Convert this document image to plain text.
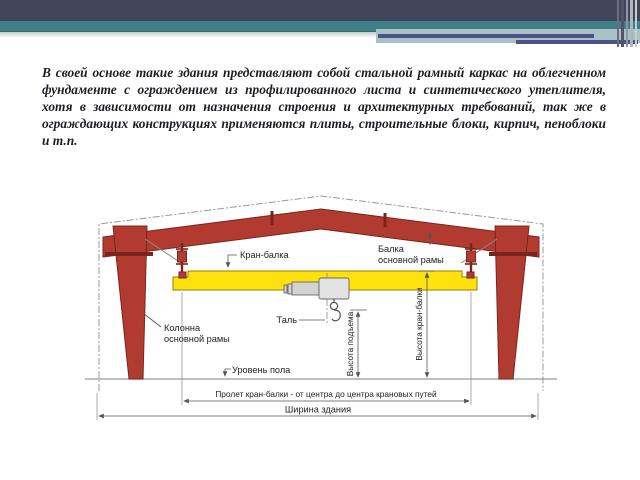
В своей основе такие здания представляют собой стальной рамный каркас на облегченном фундаменте с ограждением из профилированного листа и синтетического утеплителя, хотя в зависимости от назначения строения и архитектурных требований, так же в ограждающих конструкциях применяются плиты, строительные блоки, кирпич, пеноблоки и т.п.

Кран-балка
Балка
основной рамы
Таль
Колонна
основной рамы
Уровень пола	Высота подъема	Высота кран-балки
Пролет кран-балки - от центра до центра крановых путей
Ширина здания
